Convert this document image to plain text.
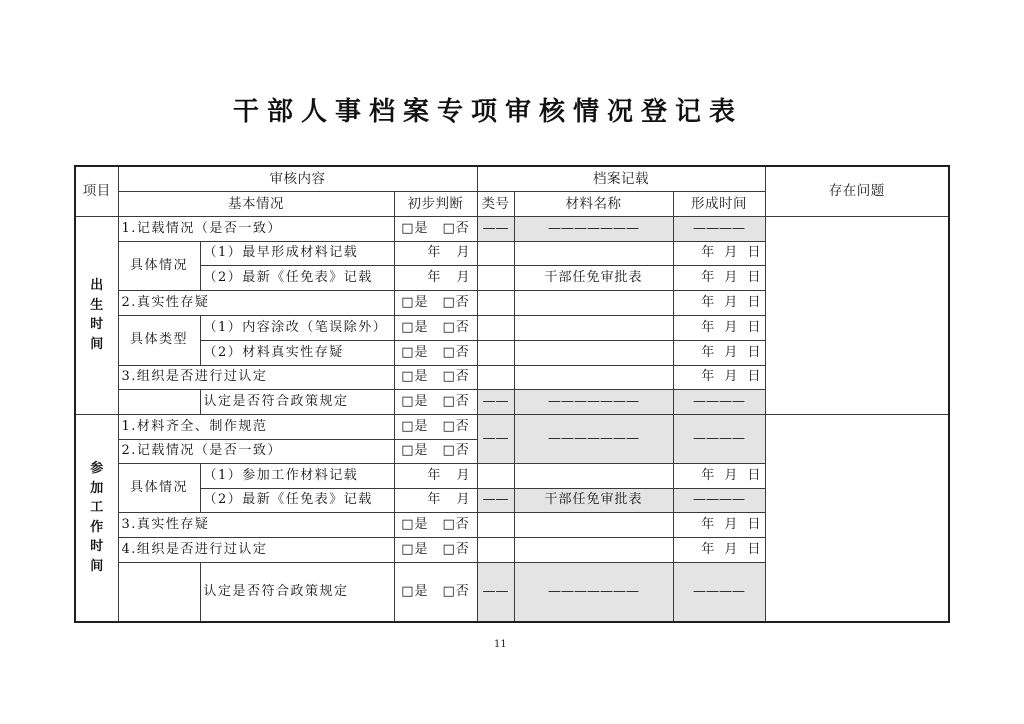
干部人事档案专项审核情况登记表
项目	审核内容			档案记载			存在问题
	基本情况		初步判断	类号	材料名称	形成时间	
出生时间	1.记载情况（是否一致）		□是 □否	——	———————	————	
	具体情况	（1）最早形成材料记载	年 月			年 月 日	
		（2）最新《任免表》记载	年 月		干部任免审批表	年 月 日	
	2.真实性存疑		□是 □否			年 月 日	
	具体类型	（1）内容涂改（笔误除外）	□是 □否			年 月 日	
		（2）材料真实性存疑	□是 □否			年 月 日	
	3.组织是否进行过认定		□是 □否			年 月 日	
		认定是否符合政策规定	□是 □否	——	———————	————	
参加工作时间	1.材料齐全、制作规范		□是 □否	——	———————	————	
	2.记载情况（是否一致）		□是 □否				
	具体情况	（1）参加工作材料记载	年 月			年 月 日	
		（2）最新《任免表》记载	年 月	——	干部任免审批表	————	
	3.真实性存疑		□是 □否			年 月 日	
	4.组织是否进行过认定		□是 □否			年 月 日	
		认定是否符合政策规定	□是 □否	——	———————	————	
11
